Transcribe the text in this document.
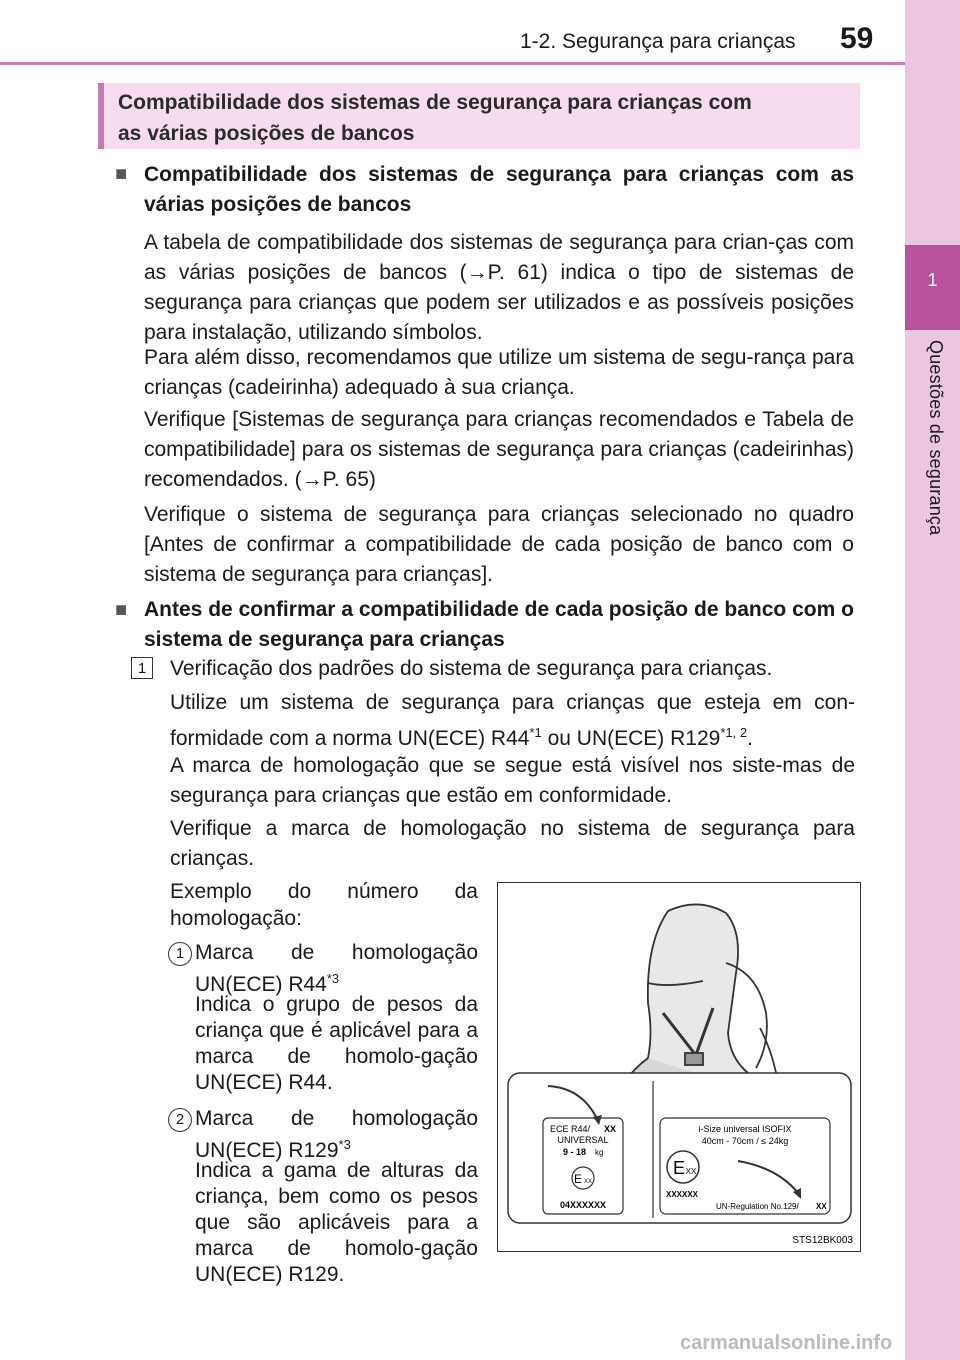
1-2. Segurança para crianças 59
1
Questões de segurança
Compatibilidade dos sistemas de segurança para crianças com
as várias posições de bancos
■ Compatibilidade dos sistemas de segurança para crianças com as várias posições de bancos
A tabela de compatibilidade dos sistemas de segurança para crian-ças com as várias posições de bancos (→P. 61) indica o tipo de sistemas de segurança para crianças que podem ser utilizados e as possíveis posições para instalação, utilizando símbolos.
Para além disso, recomendamos que utilize um sistema de segu-rança para crianças (cadeirinha) adequado à sua criança.
Verifique [Sistemas de segurança para crianças recomendados e Tabela de compatibilidade] para os sistemas de segurança para crianças (cadeirinhas) recomendados. (→P. 65)
Verifique o sistema de segurança para crianças selecionado no quadro [Antes de confirmar a compatibilidade de cada posição de banco com o sistema de segurança para crianças].
■ Antes de confirmar a compatibilidade de cada posição de banco com o sistema de segurança para crianças
1	Verificação dos padrões do sistema de segurança para crianças.
Utilize um sistema de segurança para crianças que esteja em con-formidade com a norma UN(ECE) R44$^{*1}$ ou UN(ECE) R129$^{*1, 2}$.
A marca de homologação que se segue está visível nos siste-mas de segurança para crianças que estão em conformidade.
Verifique a marca de homologação no sistema de segurança para crianças.
Exemplo do número da homologação:
1 Marca de homologação UN(ECE) R44$^{*3}$
Indica o grupo de pesos da criança que é aplicável para a marca de homolo-gação UN(ECE) R44.
2 Marca de homologação UN(ECE) R129$^{*3}$
Indica a gama de alturas da criança, bem como os pesos que são aplicáveis para a marca de homolo-gação UN(ECE) R129.
ECE R44/ XX
UNIVERSAL
9 - 18 kg
E XX
04XXXXXX
i-Size universal ISOFIX
40cm - 70cm / ≤ 24kg
E XX
XXXXXX
UN-Regulation No.129/ XX
STS12BK003
carmanualsonline.info
